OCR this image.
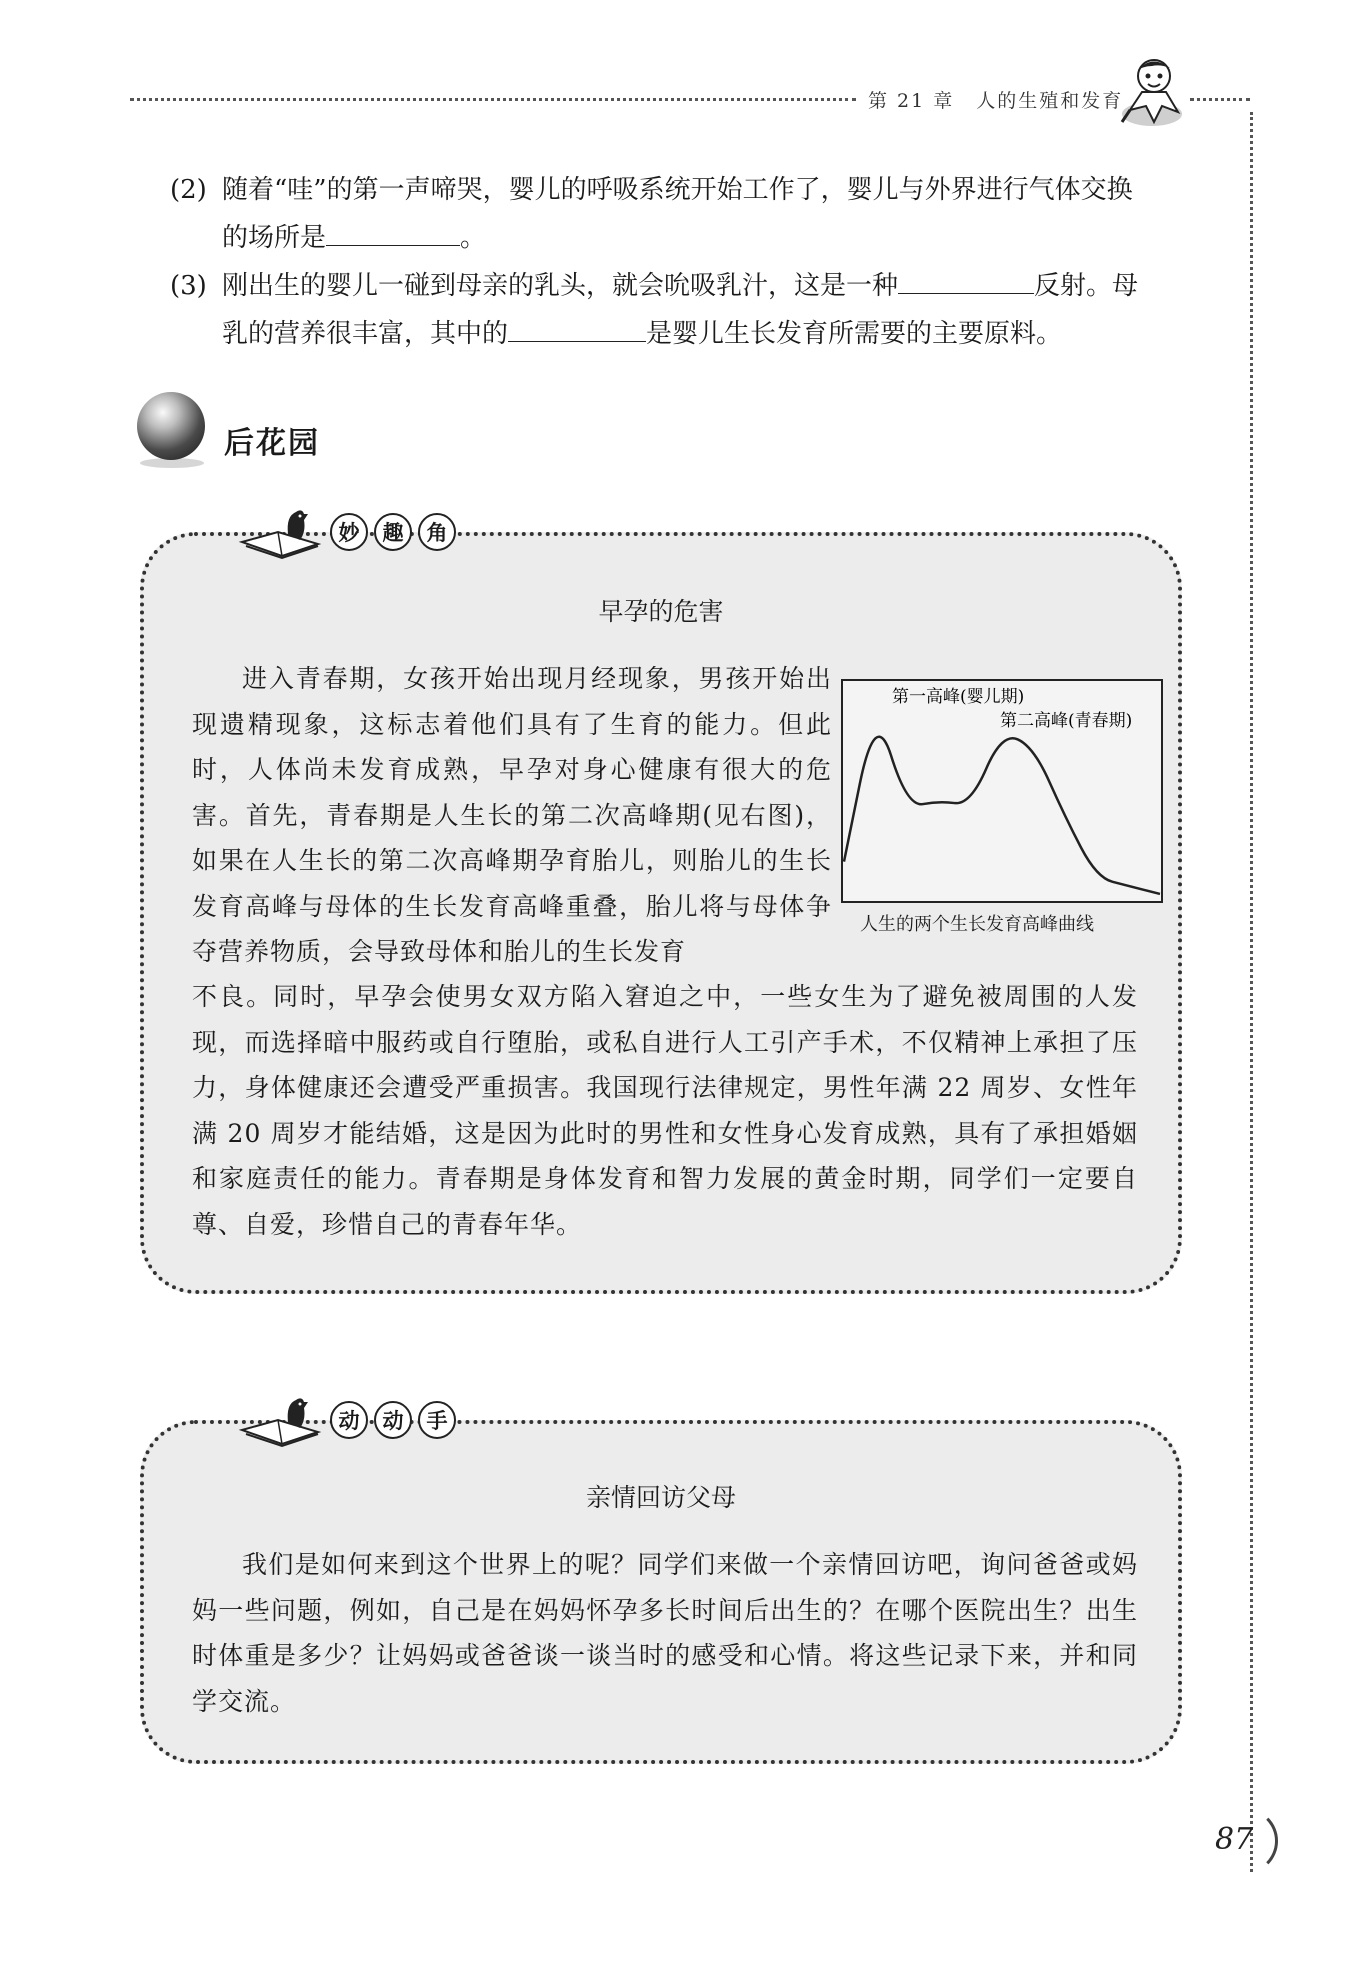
第 21 章 人的生殖和发育
(2) 随着“哇”的第一声啼哭，婴儿的呼吸系统开始工作了，婴儿与外界进行气体交换
的场所是	。
(3) 刚出生的婴儿一碰到母亲的乳头，就会吮吸乳汁，这是一种	反射。母
乳的营养很丰富，其中的	是婴儿生长发育所需要的主要原料。
后花园
早孕的危害
进入青春期，女孩开始出现月经现象，男孩开始出现遗精现象，这标志着他们具有了生育的能力。但此时，人体尚未发育成熟，早孕对身心健康有很大的危害。首先，青春期是人生长的第二次高峰期(见右图)，如果在人生长的第二次高峰期孕育胎儿，则胎儿的生长发育高峰与母体的生长发育高峰重叠，胎儿将与母体争夺营养物质，会导致母体和胎儿的生长发育
不良。同时，早孕会使男女双方陷入窘迫之中，一些女生为了避免被周围的人发现，而选择暗中服药或自行堕胎，或私自进行人工引产手术，不仅精神上承担了压力，身体健康还会遭受严重损害。我国现行法律规定，男性年满 22 周岁、女性年满 20 周岁才能结婚，这是因为此时的男性和女性身心发育成熟，具有了承担婚姻和家庭责任的能力。青春期是身体发育和智力发展的黄金时期，同学们一定要自尊、自爱，珍惜自己的青春年华。
妙	趣	角
第一高峰(婴儿期)
第二高峰(青春期)
人生的两个生长发育高峰曲线
亲情回访父母
我们是如何来到这个世界上的呢？同学们来做一个亲情回访吧，询问爸爸或妈妈一些问题，例如，自己是在妈妈怀孕多长时间后出生的？在哪个医院出生？出生时体重是多少？让妈妈或爸爸谈一谈当时的感受和心情。将这些记录下来，并和同学交流。
动	动	手
87
